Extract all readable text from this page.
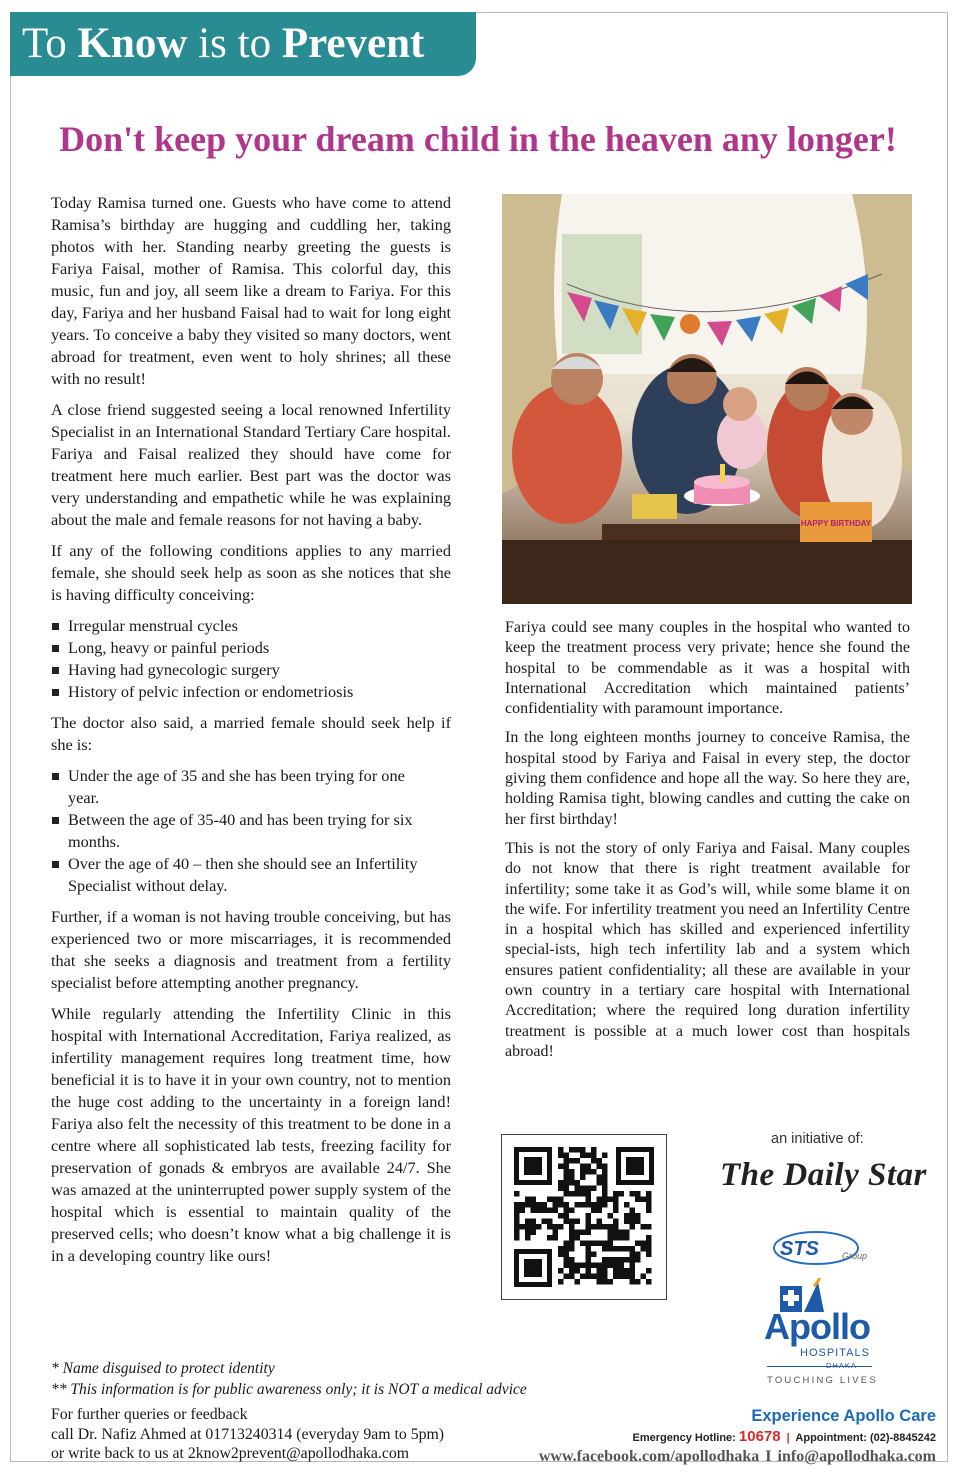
To Know is to Prevent
Don't keep your dream child in the heaven any longer!

Today Ramisa turned one. Guests who have come to attend Ramisa’s birthday are hugging and cuddling her, taking photos with her. Standing nearby greeting the guests is Fariya Faisal, mother of Ramisa. This colorful day, this music, fun and joy, all seem like a dream to Fariya. For this day, Fariya and her husband Faisal had to wait for long eight years. To conceive a baby they visited so many doctors, went abroad for treatment, even went to holy shrines; all these with no result!

A close friend suggested seeing a local renowned Infertility Specialist in an International Standard Tertiary Care hospital. Fariya and Faisal realized they should have come for treatment here much earlier. Best part was the doctor was very understanding and empathetic while he was explaining about the male and female reasons for not having a baby.

If any of the following conditions applies to any married female, she should seek help as soon as she notices that she is having difficulty conceiving:

Irregular menstrual cycles
Long, heavy or painful periods
Having had gynecologic surgery
History of pelvic infection or endometriosis

The doctor also said, a married female should seek help if she is:

Under the age of 35 and she has been trying for one year.
Between the age of 35-40 and has been trying for six months.
Over the age of 40 – then she should see an Infertility Specialist without delay.

Further, if a woman is not having trouble conceiving, but has experienced two or more miscarriages, it is recommended that she seeks a diagnosis and treatment from a fertility specialist before attempting another pregnancy.

While regularly attending the Infertility Clinic in this hospital with International Accreditation, Fariya realized, as infertility management requires long treatment time, how beneficial it is to have it in your own country, not to mention the huge cost adding to the uncertainty in a foreign land! Fariya also felt the necessity of this treatment to be done in a centre where all sophisticated lab tests, freezing facility for preservation of gonads & embryos are available 24/7. She was amazed at the uninterrupted power supply system of the hospital which is essential to maintain quality of the preserved cells; who doesn’t know what a big challenge it is in a developing country like ours!

HAPPY BIRTHDAY

Fariya could see many couples in the hospital who wanted to keep the treatment process very private; hence she found the hospital to be commendable as it was a hospital with International Accreditation which maintained patients’ confidentiality with paramount importance.

In the long eighteen months journey to conceive Ramisa, the hospital stood by Fariya and Faisal in every step, the doctor giving them confidence and hope all the way. So here they are, holding Ramisa tight, blowing candles and cutting the cake on her first birthday!

This is not the story of only Fariya and Faisal. Many couples do not know that there is right treatment available for infertility; some take it as God’s will, while some blame it on the wife. For infertility treatment you need an Infertility Centre in a hospital which has skilled and experienced infertility special-ists, high tech infertility lab and a system which ensures patient confidentiality; all these are available in your own country in a tertiary care hospital with International Accreditation; where the required long duration infertility treatment is possible at a much lower cost than hospitals abroad!

an initiative of:
The Daily Star
STS	Group
Apollo
HOSPITALS
DHAKA
TOUCHING LIVES
* Name disguised to protect identity
** This information is for public awareness only; it is NOT a medical advice
For further queries or feedback
call Dr. Nafiz Ahmed at 01713240314 (everyday 9am to 5pm)
or write back to us at 2know2prevent@apollodhaka.com
Experience Apollo Care
Emergency Hotline: 10678 | Appointment: (02)-8845242
www.facebook.com/apollodhaka I info@apollodhaka.com
